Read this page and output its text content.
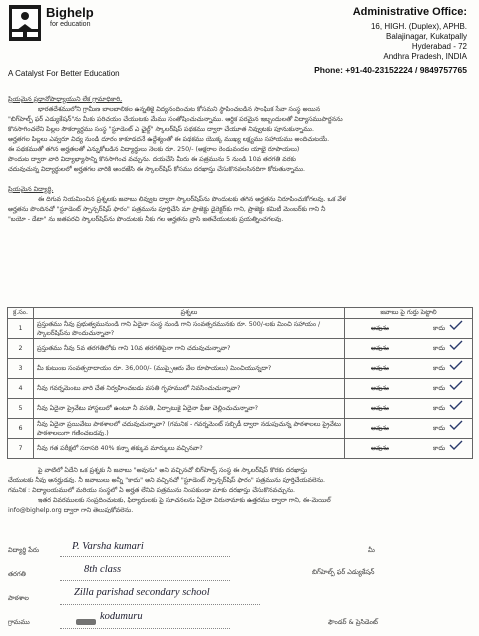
Bighelp
for education
A Catalyst For Better Education
Administrative Office:
16, HIGH. (Duplex), APHB.
Balajinagar, Kukatpally
Hyderabad - 72
Andhra Pradesh, INDIA
Phone: +91-40-23152224 / 9849757765

ప్రియమైన ప్రధానోపాధ్యాయుని లేక గ్రామాధికారి,

భారతదేశములోని గ్రామీణ బాలబాలికల ఉన్నతికై విద్యనందించుట కోసమని స్థాపించబడిన సాంఘిక సేవా సంస్థ అయిన

"బిగ్‌హెల్ప్ ఫర్ ఎడ్యుకేషన్"ను మీకు పరిచయం చేయుటకు మేము సంతోషించుచున్నాము. ఆర్థిక పరమైన ఇబ్బందులతో విద్యాసముపార్జనను

కొనసాగించలేని పిల్లల సౌకర్యార్థము సంస్థ "స్టూడెంట్ ఎ ఛైల్డ్" స్కాలర్‌షిప్ పథకము ద్వారా చేయూత నివ్వుటకు పూనుకున్నాము.

అర్హతగల పిల్లలు ఎవ్వరూ విద్య నుండి దూరం కాకూడదనే ఉద్దేశ్యంతో ఈ పథకము యొక్క ముఖ్య లక్ష్యము సహాయము అందిచుటయే.

ఈ పథకముతో తగిన అర్హతలతో ఎన్నుకోబడిన విద్యార్థులు నెలకు రూ. 250/- (అక్షరాల రెండువందల యాభై రూపాయలు)

పొందుట ద్వారా వారి విద్యాభ్యాసాన్ని కొనసాగించ వచ్చును. దయచేసి మీరు ఈ పత్రమును 5 నుండి 10వ తరగతి వరకు

చదువుచున్న విద్యార్థులలో అర్హతగల వారికి అందజేసి ఈ స్కాలర్‌షిప్ కోసము దరఖాస్తు చేసుకొనవలసినదిగా కోరుతున్నాము.

ప్రియమైన విద్యార్థి,

ఈ దిగువ నియమించిన ప్రశ్నలకు జవాబు లివ్వుట ద్వారా స్కాలర్‌షిప్‌ను పొందుటకు తగిన అర్హతను నిరూపించుకోగలవు. ఒక వేళ

అర్హతను పొందినచో "స్టూడెంట్ స్పాన్సర్‌షిప్ ఫారం" పత్రమును పూర్తిచేసి మా ప్రాజెక్టు డైరెక్టర్‌కు గాని, ప్రాజెక్టు కమిటీ మెంబర్‌కు గాని నీ

"బయో - డేటా" ను జతపరచి స్కాలర్‌షిప్‌ను పొందుటకు నీకు గల అర్హతను వ్రాసి జతచేయుటకు ప్రయత్నించగలవు.

క్ర.సం.	ప్రశ్నలు	జవాబు పై గుర్తు పెట్టాలి
1	ప్రస్తుతము నీవు ప్రభుత్వమునుండి గాని ఏదైనా సంస్థ నుండి గాని సంవత్సరమునకు రూ. 500/-లకు మించి సహాయం / స్కాలర్‌షిప్‌ను పొందుచున్నావా?	అవును కాదు

2	ప్రస్తుతము నీవు 5వ తరగతిలోకు గాని 10వ తరగతిపైనా గాని చదువుచున్నావా?	అవును కాదు

3	మీ కుటుంబ సంవత్సరాదాయం రూ. 36,000/- (ముప్పైఆరు వేల రూపాయలు) మించియున్నదా?	అవును కాదు

4	నీవు గవర్నమెంటు వారి చేత నిర్వహించబడు వసతి గృహములో నివసించుచున్నావా?	అవును కాదు

5	నీవు ఏదైనా ప్రైవేటు హాస్టలులో ఉంటూ నీ వసతి, ఏర్పాటుకై ఏదైనా ఫీజు చెల్లించుచున్నావా?	అవును కాదు

6	నీవు ఏదైనా ప్రయివేటు పాఠశాలలో చదువుచున్నావా? (గమనిక - గవర్నమెంట్ సబ్సిడీ ద్వారా నడుపుచున్న పాఠశాలలు ప్రైవేటు పాఠశాలలుగా గణించబడవు.)	అవును కాదు

7	నీవు గత పరీక్షలో సరాసరి 40% కన్నా తక్కువ మార్కులు వచ్చినవా?	అవును కాదు

పై వాటిలో ఏదేని ఒక ప్రశ్నకు నీ జవాబు "అవును" అని వచ్చినచో బిగ్‌హెల్ప్ సంస్థ ఈ స్కాలర్‌షిప్ కొరకు దరఖాస్తు

చేయుటకు నీవు అనర్హుడవు. నీ జవాబులు అన్నీ "కాదు" అని వచ్చినచో "స్టూడెంట్ స్పాన్సర్‌షిప్ ఫారం" పత్రమును పూర్తిచేయవలెను.

గమనిక : విద్యాలయములో మరియు సంస్థలో ఏ అర్హత లేనివి పత్రమును నింపకుండా మాకు దరఖాస్తు చేసుకొనవచ్చును.

ఇతర వివరములకు సంప్రదించుటకు, ఫిర్యాదులకు పై సూచనలను ఏదైనా విరునామాకు ఉత్తరము ద్వారా గాని, ఈ-మెయిల్

info@bighelp.org ద్వారా గాని తెలుపుకోవలెను.

విద్యార్థి పేరు	P. Varsha kumari
తరగతి	8th class
పాఠశాల	Zilla parishad secondary school
గ్రామము	kodumuru
మీ
బిగ్‌హెల్ప్ ఫర్ ఎడ్యుకేషన్
ఫౌండర్ & ప్రెసిడెంట్
